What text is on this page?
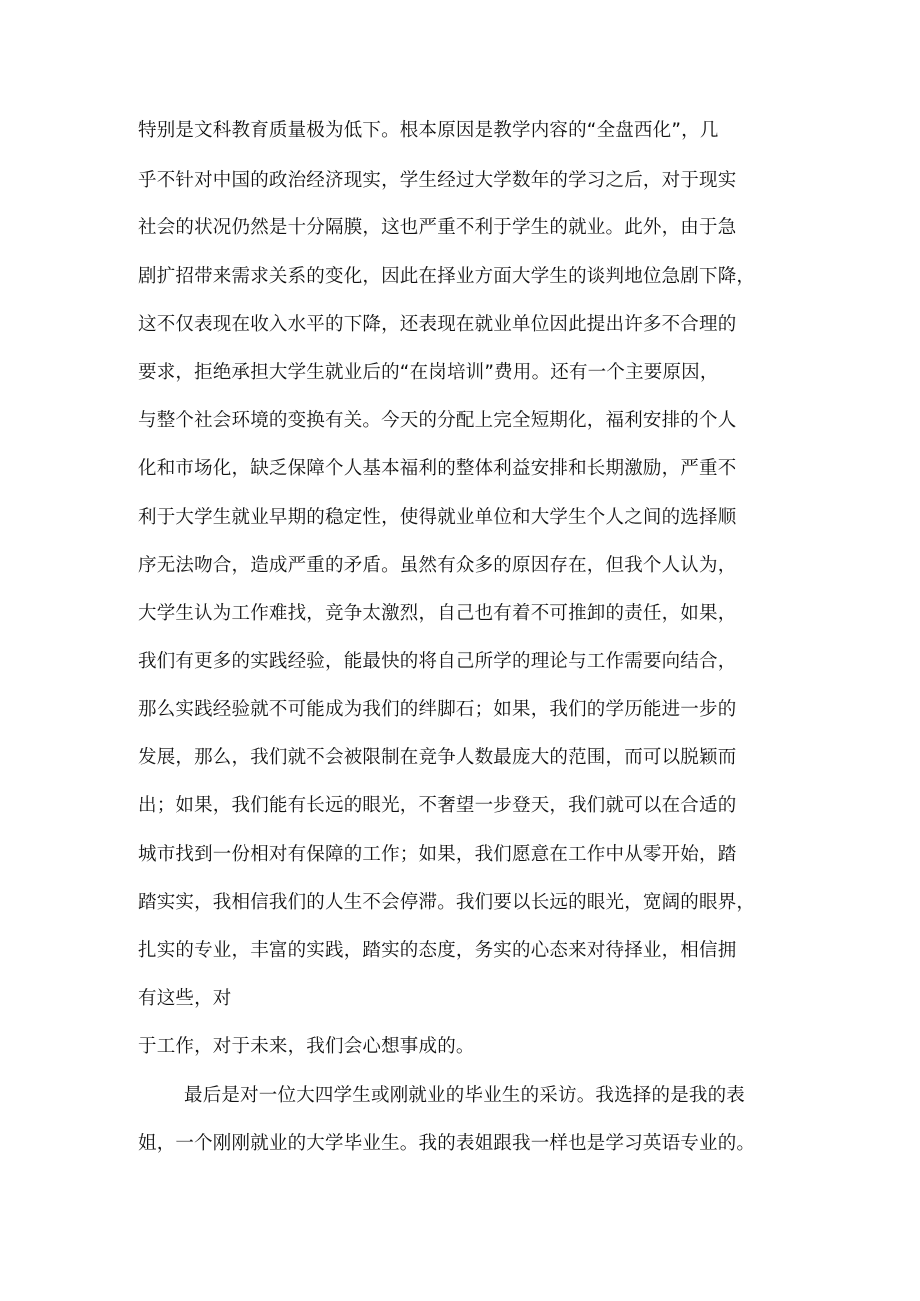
特别是文科教育质量极为低下。根本原因是教学内容的“全盘西化”，几
乎不针对中国的政治经济现实，学生经过大学数年的学习之后，对于现实
社会的状况仍然是十分隔膜，这也严重不利于学生的就业。此外，由于急
剧扩招带来需求关系的变化，因此在择业方面大学生的谈判地位急剧下降，
这不仅表现在收入水平的下降，还表现在就业单位因此提出许多不合理的
要求，拒绝承担大学生就业后的“在岗培训”费用。还有一个主要原因，
与整个社会环境的变换有关。今天的分配上完全短期化，福利安排的个人
化和市场化，缺乏保障个人基本福利的整体利益安排和长期激励，严重不
利于大学生就业早期的稳定性，使得就业单位和大学生个人之间的选择顺
序无法吻合，造成严重的矛盾。虽然有众多的原因存在，但我个人认为，
大学生认为工作难找，竞争太激烈，自己也有着不可推卸的责任，如果，
我们有更多的实践经验，能最快的将自己所学的理论与工作需要向结合，
那么实践经验就不可能成为我们的绊脚石；如果，我们的学历能进一步的
发展，那么，我们就不会被限制在竞争人数最庞大的范围，而可以脱颖而
出；如果，我们能有长远的眼光，不奢望一步登天，我们就可以在合适的
城市找到一份相对有保障的工作；如果，我们愿意在工作中从零开始，踏
踏实实，我相信我们的人生不会停滞。我们要以长远的眼光，宽阔的眼界，
扎实的专业，丰富的实践，踏实的态度，务实的心态来对待择业，相信拥
有这些，对
于工作，对于未来，我们会心想事成的。
最后是对一位大四学生或刚就业的毕业生的采访。我选择的是我的表
姐，一个刚刚就业的大学毕业生。我的表姐跟我一样也是学习英语专业的。
